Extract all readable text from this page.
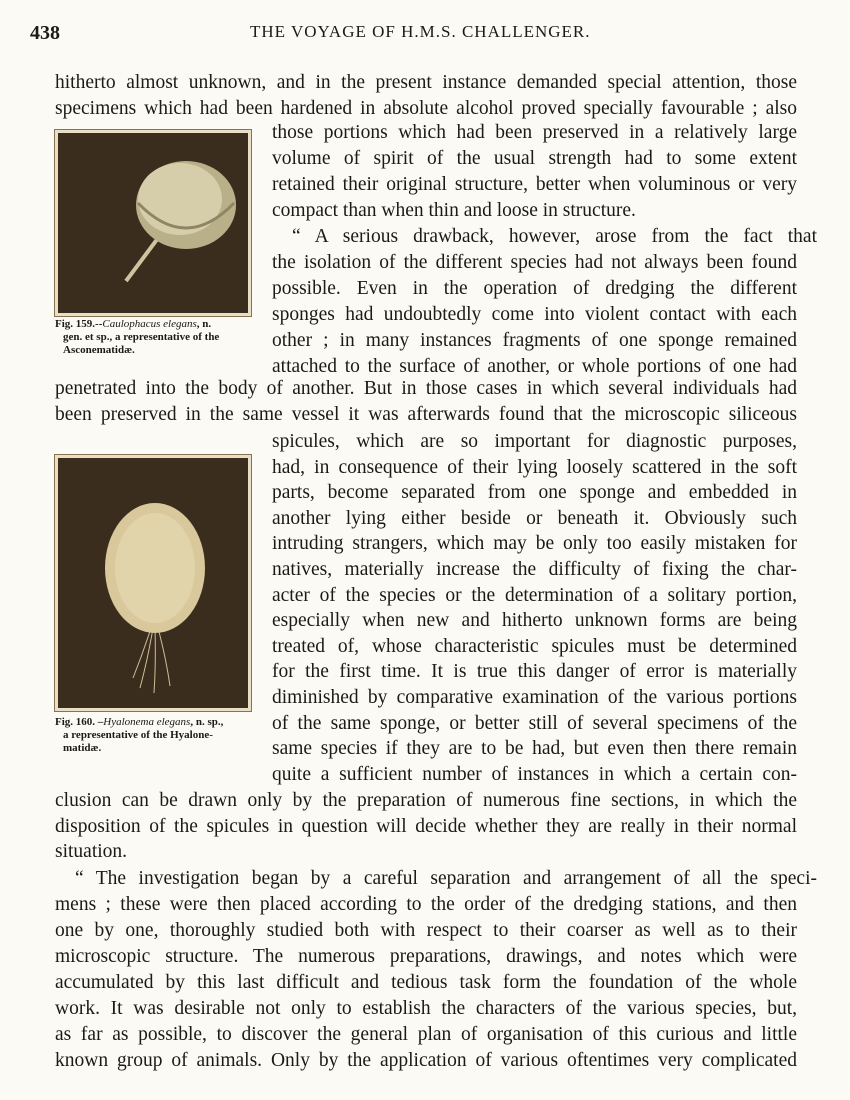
438	THE VOYAGE OF H.M.S. CHALLENGER.
Fig. 159.--Caulophacus elegans, n.
gen. et sp., a representative of the
Asconematidæ.
Fig. 160. –Hyalonema elegans, n. sp.,
a representative of the Hyalone-
matidæ.
hitherto almost unknown, and in the present instance demanded special attention, those
specimens which had been hardened in absolute alcohol proved specially favourable ; also
those portions which had been preserved in a relatively large
volume of spirit of the usual strength had to some extent
retained their original structure, better when voluminous or very
compact than when thin and loose in structure.
“ A serious drawback, however, arose from the fact that
the isolation of the different species had not always been found
possible. Even in the operation of dredging the different
sponges had undoubtedly come into violent contact with each
other ; in many instances fragments of one sponge remained
attached to the surface of another, or whole portions of one had
penetrated into the body of another. But in those cases in which several individuals had
been preserved in the same vessel it was afterwards found that the microscopic siliceous
spicules, which are so important for diagnostic purposes,
had, in consequence of their lying loosely scattered in the soft
parts, become separated from one sponge and embedded in
another lying either beside or beneath it. Obviously such
intruding strangers, which may be only too easily mistaken for
natives, materially increase the difficulty of fixing the char-
acter of the species or the determination of a solitary portion,
especially when new and hitherto unknown forms are being
treated of, whose characteristic spicules must be determined
for the first time. It is true this danger of error is materially
diminished by comparative examination of the various portions
of the same sponge, or better still of several specimens of the
same species if they are to be had, but even then there remain
quite a sufficient number of instances in which a certain con-
clusion can be drawn only by the preparation of numerous fine sections, in which the
disposition of the spicules in question will decide whether they are really in their normal
situation.
“ The investigation began by a careful separation and arrangement of all the speci-
mens ; these were then placed according to the order of the dredging stations, and then
one by one, thoroughly studied both with respect to their coarser as well as to their
microscopic structure. The numerous preparations, drawings, and notes which were
accumulated by this last difficult and tedious task form the foundation of the whole
work. It was desirable not only to establish the characters of the various species, but,
as far as possible, to discover the general plan of organisation of this curious and little
known group of animals. Only by the application of various oftentimes very complicated
